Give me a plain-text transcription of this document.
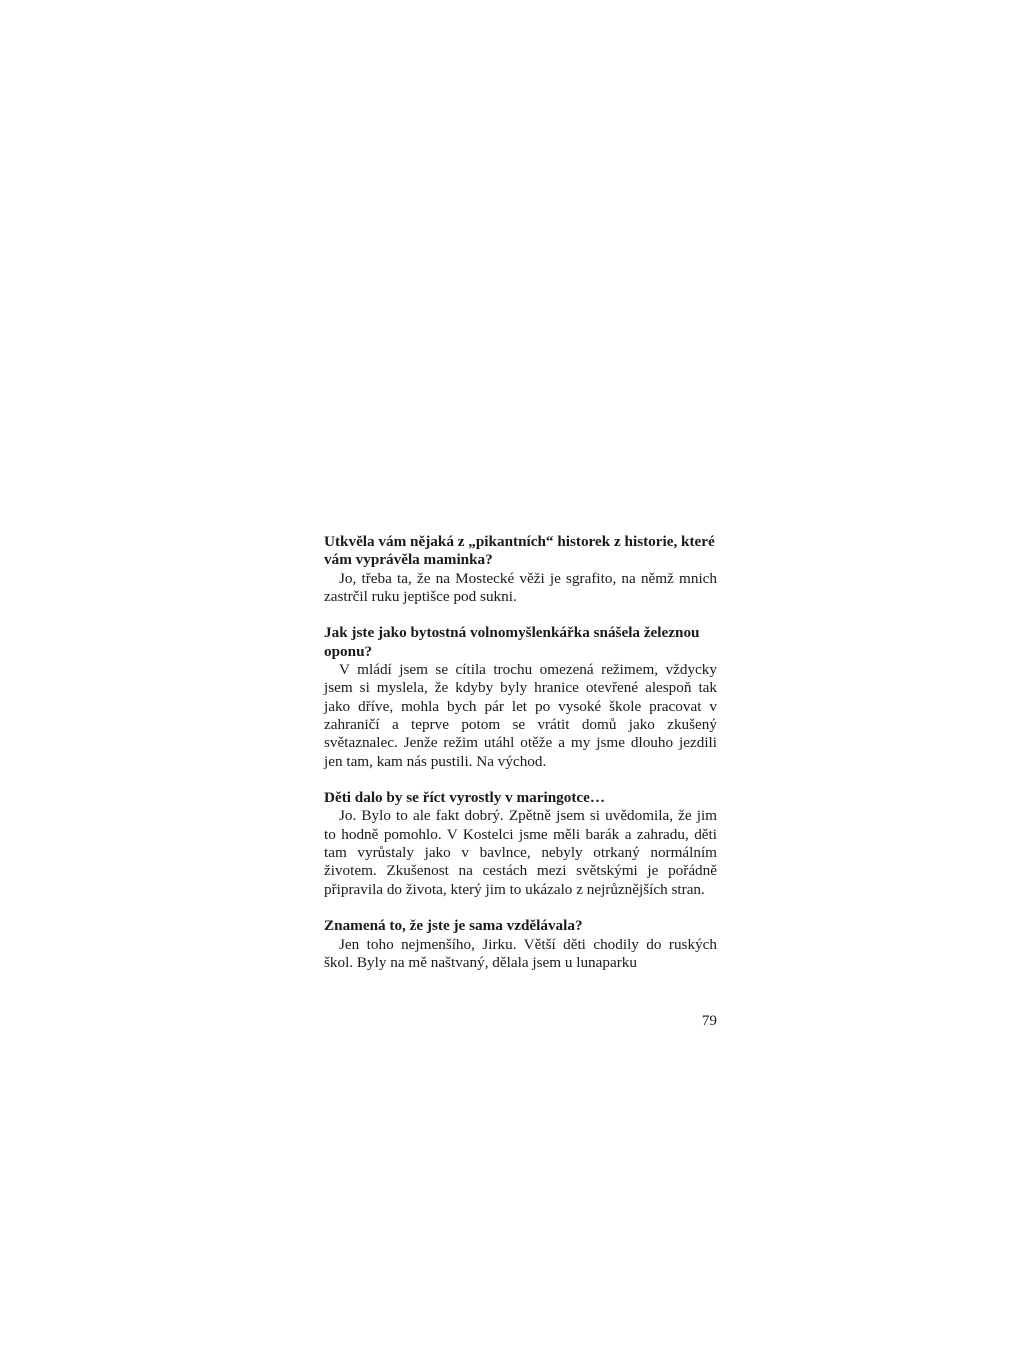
Utkvěla vám nějaká z „pikantních“ historek z historie, které vám vyprávěla maminka?

Jo, třeba ta, že na Mostecké věži je sgrafito, na němž mnich zastrčil ruku jeptišce pod sukni.

Jak jste jako bytostná volnomyšlenkářka snášela železnou oponu?

V mládí jsem se cítila trochu omezená režimem, vždycky jsem si myslela, že kdyby byly hranice otevřené alespoň tak jako dříve, mohla bych pár let po vysoké škole pracovat v zahraničí a teprve potom se vrátit domů jako zkušený světaznalec. Jenže režim utáhl otěže a my jsme dlouho jezdili jen tam, kam nás pustili. Na východ.

Děti dalo by se říct vyrostly v maringotce…

Jo. Bylo to ale fakt dobrý. Zpětně jsem si uvědomila, že jim to hodně pomohlo. V Kostelci jsme měli barák a zahradu, děti tam vyrůstaly jako v bavlnce, nebyly otrkaný normálním životem. Zkušenost na cestách mezi světskými je pořádně připravila do života, který jim to ukázalo z nejrůznějších stran.

Znamená to, že jste je sama vzdělávala?

Jen toho nejmenšího, Jirku. Větší děti chodily do ruských škol. Byly na mě naštvaný, dělala jsem u lunaparku

79
